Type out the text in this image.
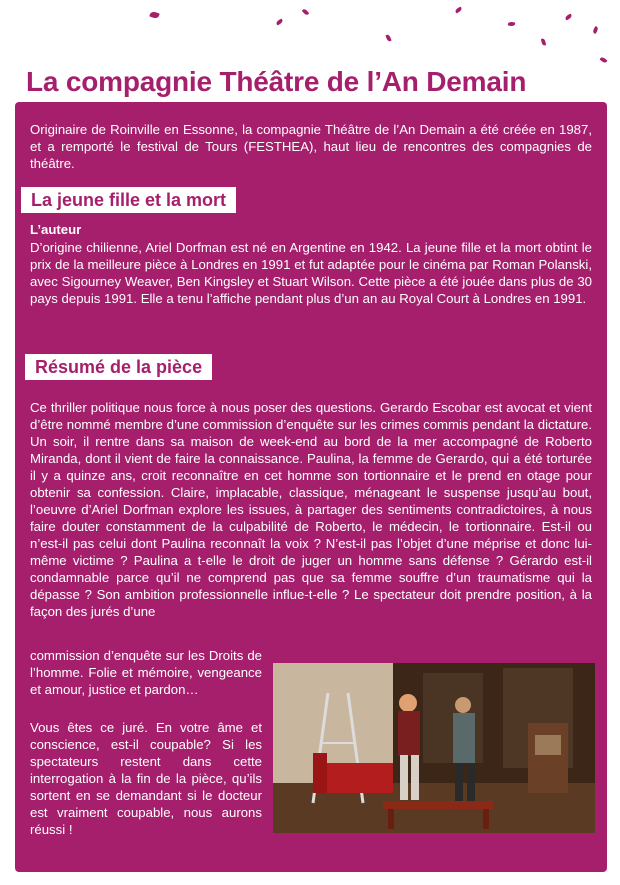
La compagnie Théâtre de l’An Demain

Originaire de Roinville en Essonne, la compagnie Théâtre de l’An Demain a été créée en 1987, et a remporté le festival de Tours (FESTHEA), haut lieu de rencontres des compagnies de théâtre.

La jeune fille et la mort
L’auteur

D’origine chilienne, Ariel Dorfman est né en Argentine en 1942. La jeune fille et la mort obtint le prix de la meilleure pièce à Londres en 1991 et fut adaptée pour le cinéma par Roman Polanski, avec Sigourney Weaver, Ben Kingsley et Stuart Wilson. Cette pièce a été jouée dans plus de 30 pays depuis 1991. Elle a tenu l’affiche pendant plus d’un an au Royal Court à Londres en 1991.

Résumé de la pièce

Ce thriller politique nous force à nous poser des questions. Gerardo Escobar est avocat et vient d’être nommé membre d’une commission d’enquête sur les crimes commis pendant la dictature. Un soir, il rentre dans sa maison de week-end au bord de la mer accompagné de Roberto Miranda, dont il vient de faire la connaissance. Paulina, la femme de Gerardo, qui a été torturée il y a quinze ans, croit reconnaître en cet homme son tortionnaire et le prend en otage pour obtenir sa confession. Claire, implacable, classique, ménageant le suspense jusqu’au bout, l’oeuvre d’Ariel Dorfman explore les issues, à partager des sentiments contradictoires, à nous faire douter constamment de la culpabilité de Roberto, le médecin, le tortionnaire. Est-il ou n’est-il pas celui dont Paulina reconnaît la voix ? N’est-il pas l’objet d’une méprise et donc lui-même victime ? Paulina a t-elle le droit de juger un homme sans défense ? Gérardo est-il condamnable parce qu’il ne comprend pas que sa femme souffre d’un traumatisme qui la dépasse ? Son ambition professionnelle influe-t-elle ? Le spectateur doit prendre position, à la façon des jurés d’une

commission d’enquête sur les Droits de l’homme. Folie et mémoire, vengeance et amour, justice et pardon…

Vous êtes ce juré. En votre âme et conscience, est-il coupable? Si les spectateurs restent dans cette interrogation à la fin de la pièce, qu’ils sortent en se demandant si le docteur est vraiment coupable, nous aurons réussi !
